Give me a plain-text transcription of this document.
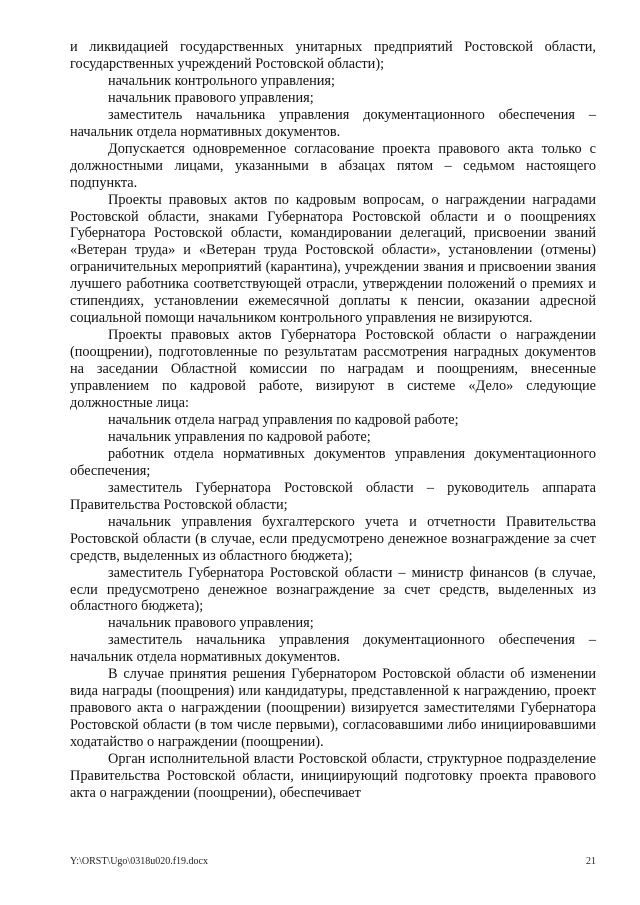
и ликвидацией государственных унитарных предприятий Ростовской области, государственных учреждений Ростовской области);

начальник контрольного управления;

начальник правового управления;

заместитель начальника управления документационного обеспечения – начальник отдела нормативных документов.

Допускается одновременное согласование проекта правового акта только с должностными лицами, указанными в абзацах пятом – седьмом настоящего подпункта.

Проекты правовых актов по кадровым вопросам, о награждении наградами Ростовской области, знаками Губернатора Ростовской области и о поощрениях Губернатора Ростовской области, командировании делегаций, присвоении званий «Ветеран труда» и «Ветеран труда Ростовской области», установлении (отмены) ограничительных мероприятий (карантина), учреждении звания и присвоении звания лучшего работника соответствующей отрасли, утверждении положений о премиях и стипендиях, установлении ежемесячной доплаты к пенсии, оказании адресной социальной помощи начальником контрольного управления не визируются.

Проекты правовых актов Губернатора Ростовской области о награждении (поощрении), подготовленные по результатам рассмотрения наградных документов на заседании Областной комиссии по наградам и поощрениям, внесенные управлением по кадровой работе, визируют в системе «Дело» следующие должностные лица:

начальник отдела наград управления по кадровой работе;

начальник управления по кадровой работе;

работник отдела нормативных документов управления документационного обеспечения;

заместитель Губернатора Ростовской области – руководитель аппарата Правительства Ростовской области;

начальник управления бухгалтерского учета и отчетности Правительства Ростовской области (в случае, если предусмотрено денежное вознаграждение за счет средств, выделенных из областного бюджета);

заместитель Губернатора Ростовской области – министр финансов (в случае, если предусмотрено денежное вознаграждение за счет средств, выделенных из областного бюджета);

начальник правового управления;

заместитель начальника управления документационного обеспечения – начальник отдела нормативных документов.

В случае принятия решения Губернатором Ростовской области об изменении вида награды (поощрения) или кандидатуры, представленной к награждению, проект правового акта о награждении (поощрении) визируется заместителями Губернатора Ростовской области (в том числе первыми), согласовавшими либо инициировавшими ходатайство о награждении (поощрении).

Орган исполнительной власти Ростовской области, структурное подразделение Правительства Ростовской области, инициирующий подготовку проекта правового акта о награждении (поощрении), обеспечивает

Y:\ORST\Ugo\0318u020.f19.docx	21
